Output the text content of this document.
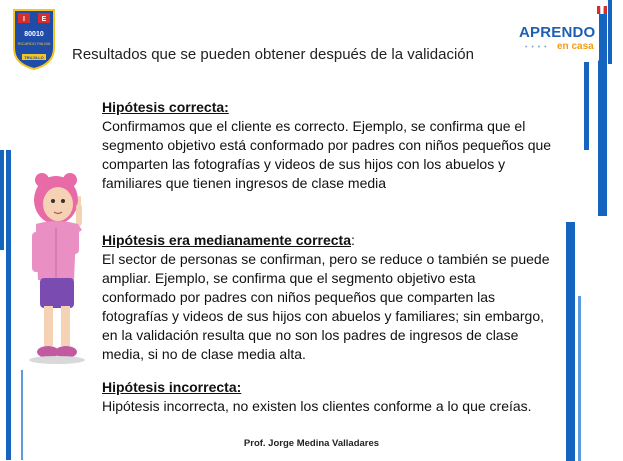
I E
80010
RICARDO PALMA
TRUJILLO
APRENDO
• • • • en casa
Resultados que se pueden obtener después de la validación

Hipótesis correcta:

Confirmamos que el cliente es correcto. Ejemplo, se confirma que el segmento objetivo está conformado por padres con niños pequeños que comparten las fotografías y videos de sus hijos con los abuelos y familiares que tienen ingresos de clase media

Hipótesis era medianamente correcta:

El sector de personas se confirman, pero se reduce o también se puede ampliar. Ejemplo, se confirma que el segmento objetivo esta conformado por padres con niños pequeños que comparten las fotografías y videos de sus hijos con abuelos y familiares; sin embargo, en la validación resulta que no son los padres de ingresos de clase media, si no de clase media alta.

Hipótesis incorrecta:

Hipótesis incorrecta, no existen los clientes conforme a lo que creías.

Prof. Jorge Medina Valladares
